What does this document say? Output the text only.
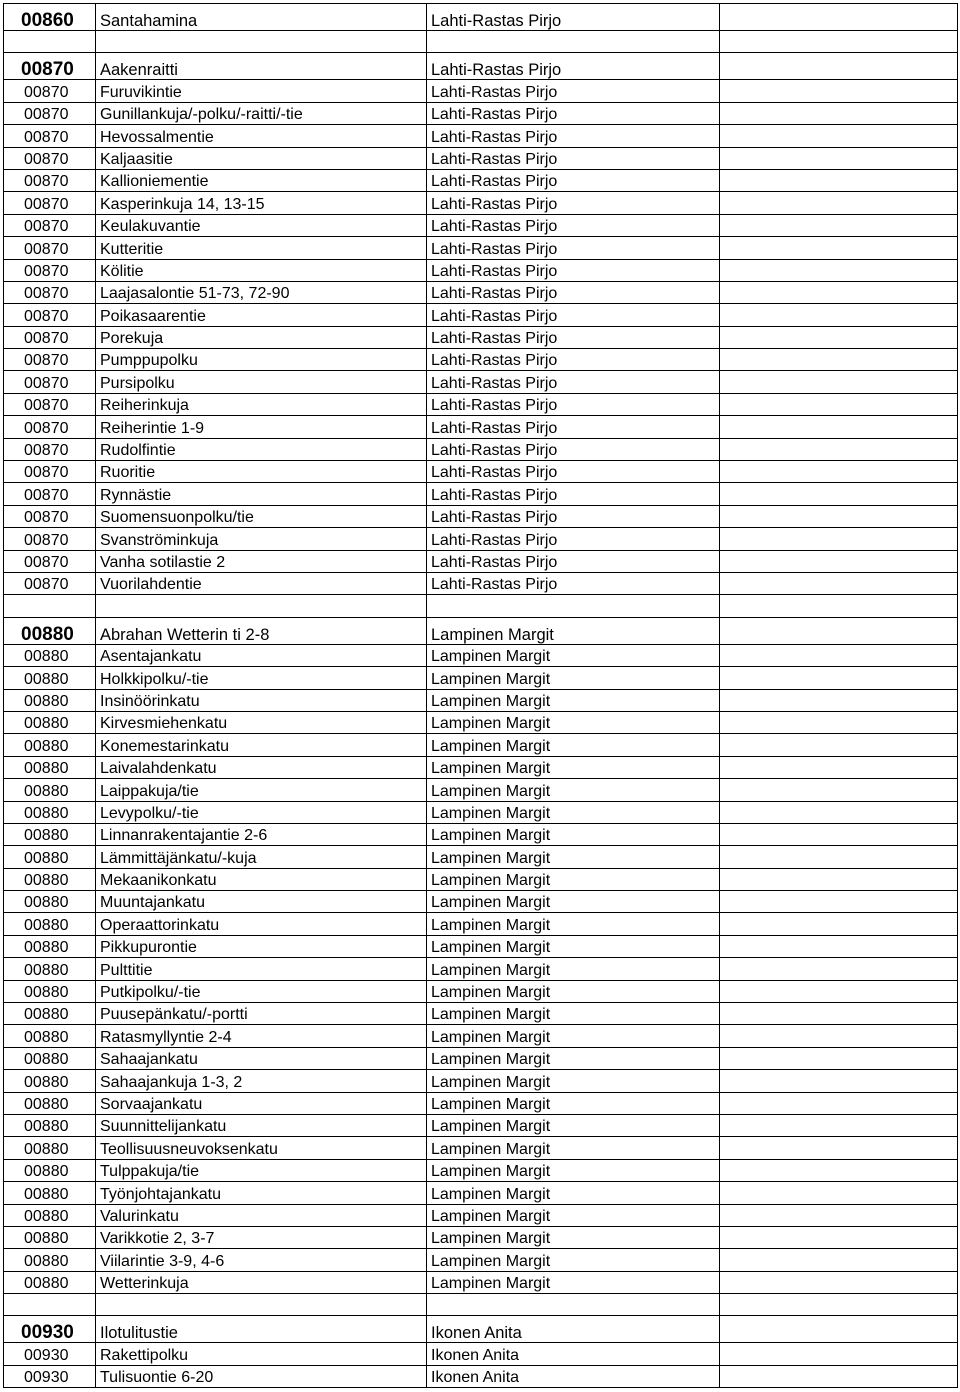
00860	Santahamina	Lahti-Rastas Pirjo	

00870	Aakenraitti	Lahti-Rastas Pirjo	
00870	Furuvikintie	Lahti-Rastas Pirjo	
00870	Gunillankuja/-polku/-raitti/-tie	Lahti-Rastas Pirjo	
00870	Hevossalmentie	Lahti-Rastas Pirjo	
00870	Kaljaasitie	Lahti-Rastas Pirjo	
00870	Kallioniementie	Lahti-Rastas Pirjo	
00870	Kasperinkuja 14, 13-15	Lahti-Rastas Pirjo	
00870	Keulakuvantie	Lahti-Rastas Pirjo	
00870	Kutteritie	Lahti-Rastas Pirjo	
00870	Kölitie	Lahti-Rastas Pirjo	
00870	Laajasalontie 51-73, 72-90	Lahti-Rastas Pirjo	
00870	Poikasaarentie	Lahti-Rastas Pirjo	
00870	Porekuja	Lahti-Rastas Pirjo	
00870	Pumppupolku	Lahti-Rastas Pirjo	
00870	Pursipolku	Lahti-Rastas Pirjo	
00870	Reiherinkuja	Lahti-Rastas Pirjo	
00870	Reiherintie 1-9	Lahti-Rastas Pirjo	
00870	Rudolfintie	Lahti-Rastas Pirjo	
00870	Ruoritie	Lahti-Rastas Pirjo	
00870	Rynnästie	Lahti-Rastas Pirjo	
00870	Suomensuonpolku/tie	Lahti-Rastas Pirjo	
00870	Svanströminkuja	Lahti-Rastas Pirjo	
00870	Vanha sotilastie 2	Lahti-Rastas Pirjo	
00870	Vuorilahdentie	Lahti-Rastas Pirjo	

00880	Abrahan Wetterin ti 2-8	Lampinen Margit	
00880	Asentajankatu	Lampinen Margit	
00880	Holkkipolku/-tie	Lampinen Margit	
00880	Insinöörinkatu	Lampinen Margit	
00880	Kirvesmiehenkatu	Lampinen Margit	
00880	Konemestarinkatu	Lampinen Margit	
00880	Laivalahdenkatu	Lampinen Margit	
00880	Laippakuja/tie	Lampinen Margit	
00880	Levypolku/-tie	Lampinen Margit	
00880	Linnanrakentajantie 2-6	Lampinen Margit	
00880	Lämmittäjänkatu/-kuja	Lampinen Margit	
00880	Mekaanikonkatu	Lampinen Margit	
00880	Muuntajankatu	Lampinen Margit	
00880	Operaattorinkatu	Lampinen Margit	
00880	Pikkupurontie	Lampinen Margit	
00880	Pulttitie	Lampinen Margit	
00880	Putkipolku/-tie	Lampinen Margit	
00880	Puusepänkatu/-portti	Lampinen Margit	
00880	Ratasmyllyntie 2-4	Lampinen Margit	
00880	Sahaajankatu	Lampinen Margit	
00880	Sahaajankuja 1-3, 2	Lampinen Margit	
00880	Sorvaajankatu	Lampinen Margit	
00880	Suunnittelijankatu	Lampinen Margit	
00880	Teollisuusneuvoksenkatu	Lampinen Margit	
00880	Tulppakuja/tie	Lampinen Margit	
00880	Työnjohtajankatu	Lampinen Margit	
00880	Valurinkatu	Lampinen Margit	
00880	Varikkotie 2, 3-7	Lampinen Margit	
00880	Viilarintie 3-9, 4-6	Lampinen Margit	
00880	Wetterinkuja	Lampinen Margit	

00930	Ilotulitustie	Ikonen Anita	
00930	Rakettipolku	Ikonen Anita	
00930	Tulisuontie 6-20	Ikonen Anita	
